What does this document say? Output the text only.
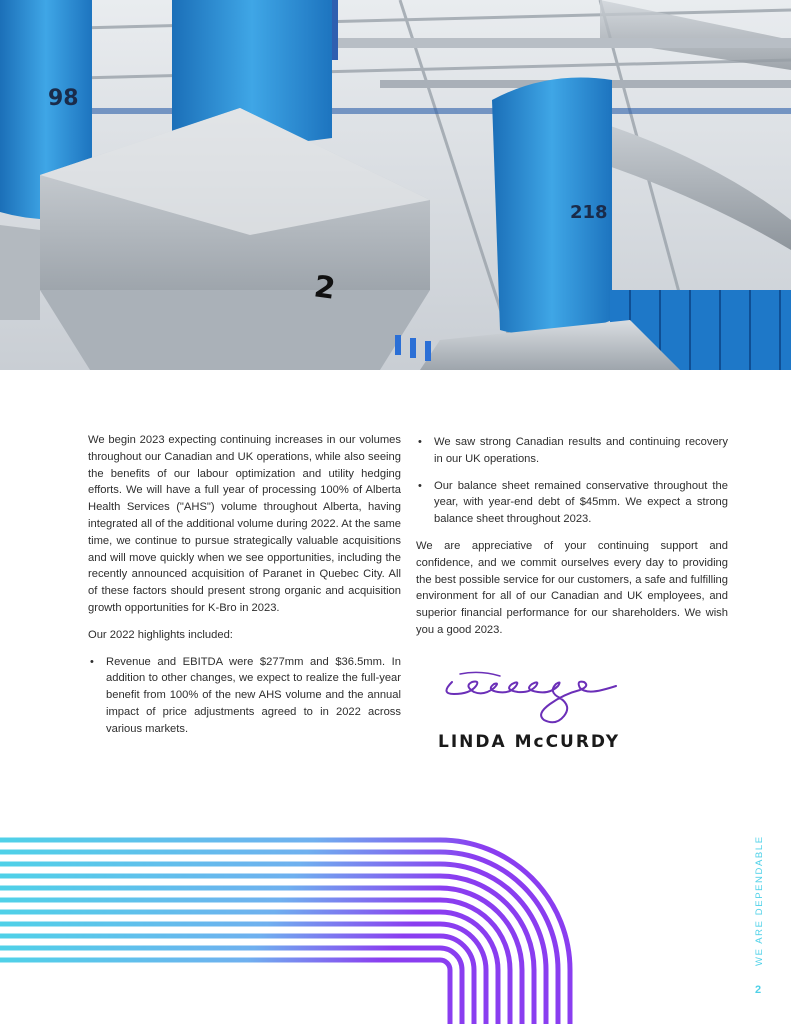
98
218
2

We begin 2023 expecting continuing increases in our volumes throughout our Canadian and UK operations, while also seeing the benefits of our labour optimization and utility hedging efforts. We will have a full year of processing 100% of Alberta Health Services ("AHS") volume throughout Alberta, having integrated all of the additional volume during 2022. At the same time, we continue to pursue strategically valuable acquisitions and will move quickly when we see opportunities, including the recently announced acquisition of Paranet in Quebec City. All of these factors should present strong organic and acquisition growth opportunities for K-Bro in 2023.

Our 2022 highlights included:

• Revenue and EBITDA were $277mm and $36.5mm. In addition to other changes, we expect to realize the full-year benefit from 100% of the new AHS volume and the annual impact of price adjustments agreed to in 2022 across various markets.
• We saw strong Canadian results and continuing recovery in our UK operations.
• Our balance sheet remained conservative throughout the year, with year-end debt of $45mm. We expect a strong balance sheet throughout 2023.

We are appreciative of your continuing support and confidence, and we commit ourselves every day to providing the best possible service for our customers, a safe and fulfilling environment for all of our Canadian and UK employees, and superior financial performance for our shareholders. We wish you a good 2023.

LINDA McCURDY
WE ARE DEPENDABLE
2
